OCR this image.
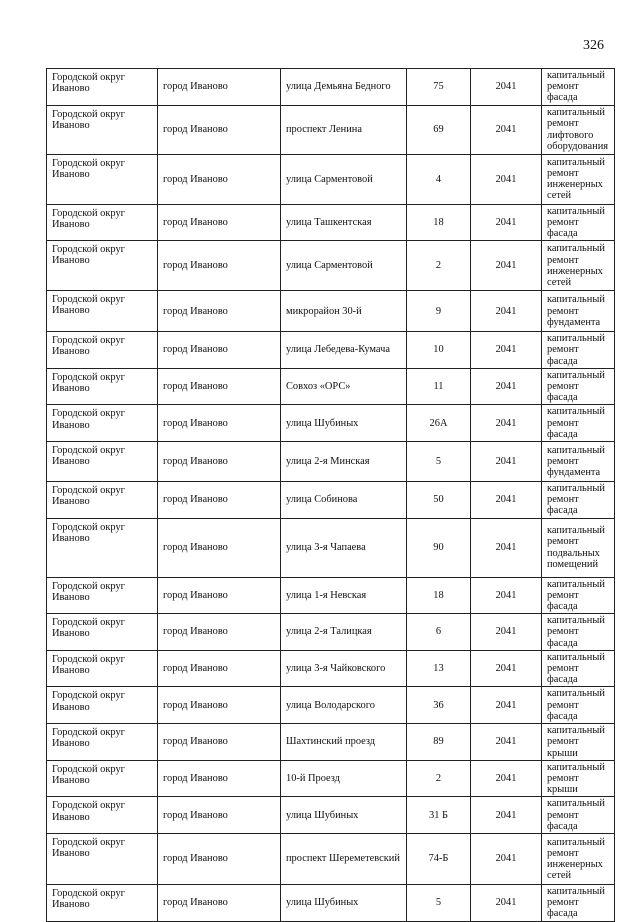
326
Городской округ Иваново	город Иваново	улица Демьяна Бедного	75	2041	капитальный ремонт фасада
Городской округ Иваново	город Иваново	проспект Ленина	69	2041	капитальный ремонт лифтового оборудования
Городской округ Иваново	город Иваново	улица Сарментовой	4	2041	капитальный ремонт инженерных сетей
Городской округ Иваново	город Иваново	улица Ташкентская	18	2041	капитальный ремонт фасада
Городской округ Иваново	город Иваново	улица Сарментовой	2	2041	капитальный ремонт инженерных сетей
Городской округ Иваново	город Иваново	микрорайон 30-й	9	2041	капитальный ремонт фундамента
Городской округ Иваново	город Иваново	улица Лебедева-Кумача	10	2041	капитальный ремонт фасада
Городской округ Иваново	город Иваново	Совхоз «ОРС»	11	2041	капитальный ремонт фасада
Городской округ Иваново	город Иваново	улица Шубиных	26А	2041	капитальный ремонт фасада
Городской округ Иваново	город Иваново	улица 2-я Минская	5	2041	капитальный ремонт фундамента
Городской округ Иваново	город Иваново	улица Собинова	50	2041	капитальный ремонт фасада
Городской округ Иваново	город Иваново	улица 3-я Чапаева	90	2041	капитальный ремонт подвальных помещений
Городской округ Иваново	город Иваново	улица 1-я Невская	18	2041	капитальный ремонт фасада
Городской округ Иваново	город Иваново	улица 2-я Талицкая	6	2041	капитальный ремонт фасада
Городской округ Иваново	город Иваново	улица 3-я Чайковского	13	2041	капитальный ремонт фасада
Городской округ Иваново	город Иваново	улица Володарского	36	2041	капитальный ремонт фасада
Городской округ Иваново	город Иваново	Шахтинский проезд	89	2041	капитальный ремонт крыши
Городской округ Иваново	город Иваново	10-й Проезд	2	2041	капитальный ремонт крыши
Городской округ Иваново	город Иваново	улица Шубиных	31 Б	2041	капитальный ремонт фасада
Городской округ Иваново	город Иваново	проспект Шереметевский	74-Б	2041	капитальный ремонт инженерных сетей
Городской округ Иваново	город Иваново	улица Шубиных	5	2041	капитальный ремонт фасада
